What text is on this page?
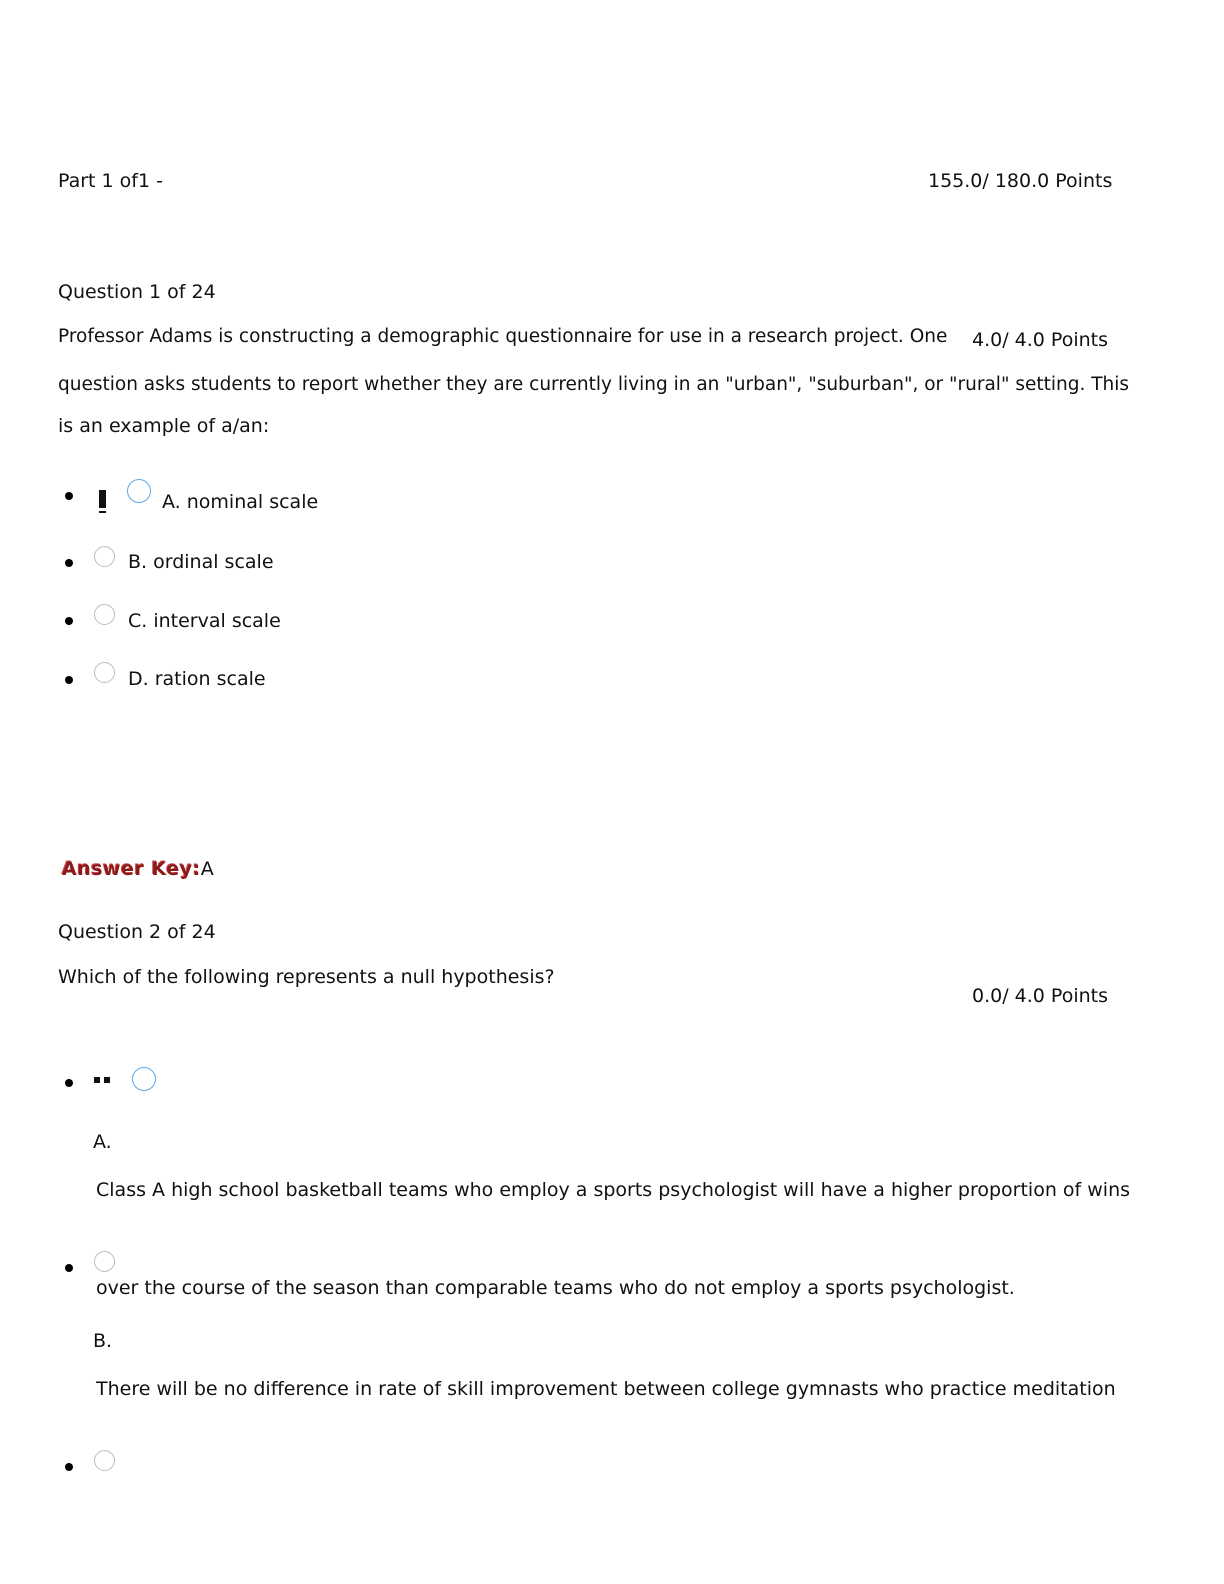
Part 1 of1 -	155.0/ 180.0 Points
Question 1 of 24
Professor Adams is constructing a demographic questionnaire for use in a research project. One 4.0/ 4.0 Points
question asks students to report whether they are currently living in an "urban", "suburban", or "rural" setting. This
is an example of a/an:
A. nominal scale
B. ordinal scale
C. interval scale
D. ration scale
Answer Key:A
Question 2 of 24
Which of the following represents a null hypothesis?
0.0/ 4.0 Points
A.
Class A high school basketball teams who employ a sports psychologist will have a higher proportion of wins
over the course of the season than comparable teams who do not employ a sports psychologist.
B.
There will be no difference in rate of skill improvement between college gymnasts who practice meditation
